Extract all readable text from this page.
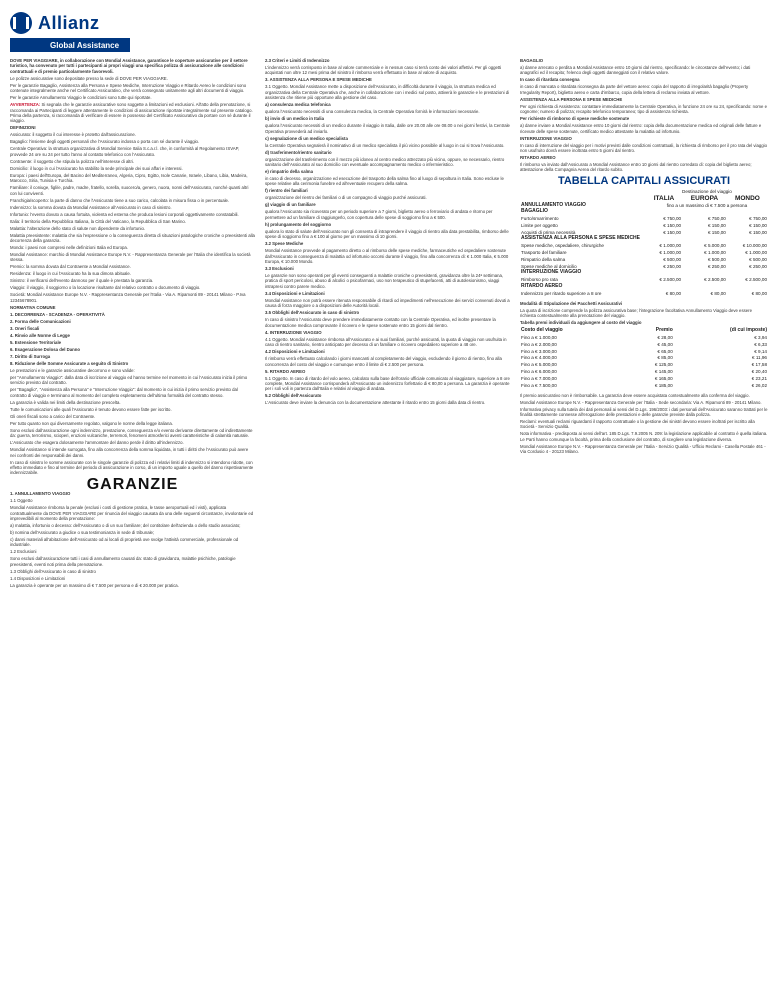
Allianz
Global Assistance

DOVE PER VIAGGIARE, in collaborazione con Mondial Assistance, garantisce le coperture assicurative per il settore turistico, ha convenuto per tutti i partecipanti ai propri viaggi una specifica polizza di assicurazione alle condizioni contrattuali e di premio particolarmente favorevoli.

Le polizze assicurative sono depositate presso la sede di DOVE PER VIAGGIARE.

Per le garanzie Bagaglio, Assistenza alla Persona e Spese Mediche, Interruzione Viaggio e Ritardo Aereo le condizioni sono contenute integralmente anche nel Certificato Assicurativo, che verrà consegnato unitamente agli altri documenti di viaggio.

Per le garanzie Annullamento Viaggio le condizioni sono tutte qui riportate.

AVVERTENZA: Si segnala che le garanzie assicurative sono soggette a limitazioni ed esclusioni. All'atto della prenotazione, si raccomanda ai Partecipanti di leggere attentamente le condizioni di assicurazione riportate integralmente sul presente catalogo. Prima della partenza, si raccomanda di verificare di essere in possesso del Certificato Assicurativo da portare con sé durante il viaggio.

DEFINIZIONI

Assicurato: il soggetto il cui interesse è protetto dall'assicurazione.

Bagaglio: l'insieme degli oggetti personali che l'Assicurato indossa o porta con sé durante il viaggio.

Centrale Operativa: la struttura organizzativa di Mondial Service Italia S.c.a.r.l. che, in conformità al Regolamento ISVAP, provvede 24 ore su 24 per tutto l'anno al contatto telefonico con l'Assicurato.

Contraente: il soggetto che stipula la polizza nell'interesse di altri.

Domicilio: il luogo in cui l'Assicurato ha stabilito la sede principale dei suoi affari e interessi.

Europa: i paesi dell'Europa, del Bacino del Mediterraneo, Algeria, Cipro, Egitto, Isole Canarie, Israele, Libano, Libia, Madeira, Marocco, Siria, Tunisia e Turchia.

Familiare: il coniuge, figli/e, padre, madre, fratello, sorella, suocero/a, genero, nuora, nonni dell'Assicurato, nonché quanti altri con lui conviventi.

Franchigia/scoperto: la parte di danno che l'Assicurato tiene a suo carico, calcolata in misura fissa o in percentuale.

Indennizzo: la somma dovuta da Mondial Assistance all'Assicurato in caso di sinistro.

Infortunio: l'evento dovuto a causa fortuita, violenta ed esterna che produca lesioni corporali oggettivamente constatabili.

Italia: il territorio della Repubblica Italiana, la Città del Vaticano, la Repubblica di San Marino.

Malattia: l'alterazione dello stato di salute non dipendente da infortunio.

Malattia preesistente: malattia che sia l'espressione o la conseguenza diretta di situazioni patologiche croniche o preesistenti alla decorrenza della garanzia.

Mondo: i paesi non compresi nelle definizioni Italia ed Europa.

Mondial Assistance: marchio di Mondial Assistance Europe N.V. - Rappresentanza Generale per l'Italia che identifica la società stessa.

Premio: la somma dovuta dal Contraente a Mondial Assistance.

Residenza: il luogo in cui l'Assicurato ha la sua dimora abituale.

Sinistro: il verificarsi dell'evento dannoso per il quale è prestata la garanzia.

Viaggio: il viaggio, il soggiorno o la locazione risultante dal relativo contratto o documento di viaggio.

Società: Mondial Assistance Europe N.V. - Rappresentanza Generale per l'Italia - Via A. Ripamonti 89 - 20141 Milano - P.Iva 12345678901.

NORMATIVA COMUNE

1. DECORRENZA - SCADENZA - OPERATIVITÀ

2. Forma delle Comunicazioni

3. Oneri fiscali

4. Rinvio alle Norme di Legge

5. Estensione Territoriale

6. Esagerazione Dolosa del Danno

7. Diritto di Surroga

8. Riduzione delle Somme Assicurate a seguito di Sinistro

Le prestazioni e le garanzie assicurative decorrono e sono valide:

per "Annullamento Viaggio": dalla data di iscrizione al viaggio ed hanno termine nel momento in cui l'Assicurato inizia il primo servizio previsto dal contratto.

per "Bagaglio", "Assistenza alla Persona" e "Interruzione Viaggio": dal momento in cui inizia il primo servizio previsto dal contratto di viaggio e terminano al momento del completo espletamento dell'ultima formalità del contratto stesso.

La garanzia è valida nei limiti della destinazione prescelta.

Tutte le comunicazioni alle quali l'Assicurato è tenuto devono essere fatte per iscritto.

Gli oneri fiscali sono a carico del Contraente.

Per tutto quanto non qui diversamente regolato, valgono le norme della legge italiana.

Sono esclusi dall'assicurazione ogni indennizzo, prestazione, conseguenza e/o evento derivante direttamente od indirettamente da: guerra, terrorismo, scioperi, eruzioni vulcaniche, terremoti, fenomeni atmosferici aventi caratteristiche di calamità naturale.

L'Assicurato che esagera dolosamente l'ammontare del danno perde il diritto all'indennizzo.

Mondial Assistance si intende surrogata, fino alla concorrenza della somma liquidata, in tutti i diritti che l'Assicurato può avere nei confronti dei responsabili dei danni.

In caso di sinistro le somme assicurate con le singole garanzie di polizza ed i relativi limiti di indennizzo si intendono ridotte, con effetto immediato e fino al termine del periodo di assicurazione in corso, di un importo uguale a quello del danno rispettivamente indennizzabile.

GARANZIE

1. ANNULLAMENTO VIAGGIO

1.1 Oggetto

Mondial Assistance rimborsa la penale (esclusi i costi di gestione pratica, le tasse aeroportuali ed i visti), applicata contrattualmente da DOVE PER VIAGGIARE per rinuncia del viaggio causata da una delle seguenti circostanze, involontarie ed imprevedibili al momento della prenotazione:

a) malattia, infortunio o decesso: dell'Assicurato o di un suo familiare; del contitolare dell'azienda o dello studio associato;

b) nomina dell'Assicurato a giudice o sua testimonianza in sede di tribunale;

c) danni materiali all'abitazione dell'Assicurato od ai locali di proprietà ove svolge l'attività commerciale, professionale od industriale.

1.2 Esclusioni

Sono esclusi dall'assicurazione tutti i casi di annullamento causati da: stato di gravidanza, malattie psichiche, patologie preesistenti, eventi noti prima della prenotazione.

1.3 Obblighi dell'Assicurato in caso di sinistro

1.4 Disposizioni e Limitazioni

La garanzia è operante per un massimo di € 7.500 per persona e di € 20.000 per pratica.

2.3 Criteri e Limiti di Indennizzo

L'indennizzo verrà corrisposto in base al valore commerciale e in nessun caso si terrà conto dei valori affettivi. Per gli oggetti acquistati non oltre 12 mesi prima del sinistro il rimborso verrà effettuato in base al valore di acquisto.

3. ASSISTENZA ALLA PERSONA E SPESE MEDICHE

3.1 Oggetto. Mondial Assistance mette a disposizione dell'Assicurato, in difficoltà durante il viaggio, la struttura medica ed organizzativa della Centrale Operativa che, anche in collaborazione con i medici sul posto, attiverà le garanzie e le prestazioni di assistenza che ritiene più opportune alla gestione del caso.

a) consulenza medica telefonica

qualora l'Assicurato necessiti di una consulenza medica, la Centrale Operativa fornirà le informazioni necessarie.

b) invio di un medico in Italia

qualora l'Assicurato necessiti di un medico durante il viaggio in Italia, dalle ore 20.00 alle ore 08.00 o nei giorni festivi, la Centrale Operativa provvederà ad inviarlo.

c) segnalazione di un medico specialista

la Centrale Operativa segnalerà il nominativo di un medico specialista il più vicino possibile al luogo in cui si trova l'Assicurato.

d) trasferimento/rientro sanitario

organizzazione del trasferimento con il mezzo più idoneo al centro medico attrezzato più vicino, oppure, se necessario, rientro sanitario dell'Assicurato al suo domicilio con eventuale accompagnamento medico o infermieristico.

e) rimpatrio della salma

in caso di decesso, organizzazione ed esecuzione del trasporto della salma fino al luogo di sepoltura in Italia. Sono escluse le spese relative alla cerimonia funebre ed all'eventuale recupero della salma.

f) rientro dei familiari

organizzazione del rientro dei familiari o di un compagno di viaggio purché assicurati.

g) viaggio di un familiare

qualora l'Assicurato sia ricoverato per un periodo superiore a 7 giorni, biglietto aereo o ferroviario di andata e ritorno per permettere ad un familiare di raggiungerlo, con copertura delle spese di soggiorno fino a € 500.

h) prolungamento del soggiorno

qualora lo stato di salute dell'Assicurato non gli consenta di intraprendere il viaggio di rientro alla data prestabilita, rimborso delle spese di soggiorno fino a € 100 al giorno per un massimo di 10 giorni.

3.2 Spese Mediche

Mondial Assistance provvede al pagamento diretto o al rimborso delle spese mediche, farmaceutiche ed ospedaliere sostenute dall'Assicurato in conseguenza di malattia od infortunio occorsi durante il viaggio, fino alla concorrenza di: € 1.000 Italia, € 5.000 Europa, € 10.000 Mondo.

3.3 Esclusioni

Le garanzie non sono operanti per gli eventi conseguenti a malattie croniche o preesistenti, gravidanza oltre la 24ª settimana, pratica di sport pericolosi, abuso di alcolici o psicofarmaci, uso non terapeutico di stupefacenti, atti di autolesionismo, viaggi intrapresi contro parere medico.

3.4 Disposizioni e Limitazioni

Mondial Assistance non potrà essere ritenuta responsabile di ritardi od impedimenti nell'esecuzione dei servizi convenuti dovuti a causa di forza maggiore o a disposizioni delle Autorità locali.

3.5 Obblighi dell'Assicurato in caso di sinistro

In caso di sinistro l'Assicurato deve prendere immediatamente contatto con la Centrale Operativa, ed inoltre presentare la documentazione medica comprovante il ricovero e le spese sostenute entro 15 giorni dal rientro.

4. INTERRUZIONE VIAGGIO

4.1 Oggetto. Mondial Assistance rimborsa all'Assicurato e ai suoi familiari, purché assicurati, la quota di viaggio non usufruita in caso di rientro sanitario, rientro anticipato per decesso di un familiare o ricovero ospedaliero superiore a 48 ore.

4.2 Disposizioni e Limitazioni

Il rimborso verrà effettuato calcolando i giorni mancanti al completamento del viaggio, escludendo il giorno di rientro, fino alla concorrenza del costo del viaggio e comunque entro il limite di € 2.500 per persona.

5. RITARDO AEREO

5.1 Oggetto. In caso di ritardo del volo aereo, calcolato sulla base dell'orario ufficiale comunicato al viaggiatore, superiore a 8 ore complete, Mondial Assistance corrisponderà all'Assicurato un indennizzo forfettario di € 80,00 a persona. La garanzia è operante per i soli voli in partenza dall'Italia e relativi al viaggio di andata.

5.2 Obblighi dell'Assicurato

L'Assicurato deve inviare la denuncia con la documentazione attestante il ritardo entro 15 giorni dalla data di rientro.

BAGAGLIO

a) danne arrecato o perdita a Mondial Assistance entro 10 giorni dal rientro, specificando: le circostanze dell'evento; i dati anagrafici ed il recapito; l'elenco degli oggetti danneggiati con il relativo valore.

In caso di ritardata consegna

in caso di mancata o ritardata riconsegna da parte del vettore aereo: copia del rapporto di irregolarità bagaglio (Property Irregularity Report), biglietto aereo e carta d'imbarco, copia della lettera di reclamo inviata al vettore.

ASSISTENZA ALLA PERSONA E SPESE MEDICHE

Per ogni richiesta di Assistenza: contattare immediatamente la Centrale Operativa, in funzione 24 ore su 24, specificando: nome e cognome; numero di polizza; recapito telefonico temporaneo; tipo di assistenza richiesta.

Per richieste di rimborso di spese mediche sostenute

a) danne inviare a Mondial Assistance entro 10 giorni dal rientro: copia della documentazione medica ed originali delle fatture e ricevute delle spese sostenute, certificato medico attestante la malattia od infortunio.

INTERRUZIONE VIAGGIO

In caso di interruzione del viaggio per i motivi previsti dalle condizioni contrattuali, la richiesta di rimborso per il pro rata del viaggio non usufruito dovrà essere inoltrata entro 5 giorni dal rientro.

RITARDO AEREO

Il rimborso va inviato dall'Assicurato a Mondial Assistance entro 10 giorni dal rientro corredato di: copia del biglietto aereo; attestazione della Compagnia Aerea del ritardo subito.

TABELLA CAPITALI ASSICURATI
	Destinazione del viaggio		
	ITALIA	EUROPA	MONDO
ANNULLAMENTO VIAGGIO	fino a un massimo di € 7.500 a persona		
BAGAGLIO			
Furto/smarrimento	€ 750,00	€ 750,00	€ 750,00
Limite per oggetto	€ 150,00	€ 150,00	€ 150,00
Acquisti di prima necessità	€ 150,00	€ 150,00	€ 150,00
ASSISTENZA ALLA PERSONA E SPESE MEDICHE			
Spese mediche, ospedaliere, chirurgiche	€ 1.000,00	€ 5.000,00	€ 10.000,00
Trasporto del familiare	€ 1.000,00	€ 1.000,00	€ 1.000,00
Rimpatrio della salma	€ 500,00	€ 500,00	€ 500,00
Spese mediche al domicilio	€ 250,00	€ 250,00	€ 250,00
INTERRUZIONE VIAGGIO			
Rimborso pro rata	€ 2.500,00	€ 2.500,00	€ 2.500,00
RITARDO AEREO			
Indennizzo per ritardo superiore a 8 ore	€ 80,00	€ 80,00	€ 80,00

Modalità di Stipulazione dei Pacchetti Assicurativi

La quota di iscrizione comprende la polizza assicurativa base; l'integrazione facoltativa Annullamento Viaggio deve essere richiesta contestualmente alla prenotazione del viaggio.

Tabella premi individuali da aggiungere al costo del viaggio

Costo del viaggio	Premio	(di cui imposte)
Fino a € 1.000,00	€ 28,00	€ 3,94
Fino a € 2.000,00	€ 45,00	€ 6,33
Fino a € 3.000,00	€ 65,00	€ 9,14
Fino a € 4.000,00	€ 85,00	€ 11,96
Fino a € 5.000,00	€ 125,00	€ 17,58
Fino a € 6.000,00	€ 145,00	€ 20,40
Fino a € 7.000,00	€ 165,00	€ 23,21
Fino a € 7.500,00	€ 185,00	€ 26,02

Il premio assicurativo non è rimborsabile. La garanzia deve essere acquistata contestualmente alla conferma del viaggio.

Mondial Assistance Europe N.V. - Rappresentanza Generale per l'Italia - Sede secondaria: Via A. Ripamonti 89 - 20141 Milano.

Informativa privacy sulla tutela dei dati personali ai sensi del D.Lgs. 196/2003: i dati personali dell'Assicurato saranno trattati per le finalità strettamente connesse all'erogazione delle prestazioni e delle garanzie previste dalla polizza.

Reclami: eventuali reclami riguardanti il rapporto contrattuale o la gestione dei sinistri devono essere inoltrati per iscritto alla Società - Servizio Qualità.

Nota informativa - predisposta ai sensi dell'art. 185 D.Lgs. 7.9.2005 N. 209: la legislazione applicabile al contratto è quella italiana. Le Parti hanno comunque la facoltà, prima della conclusione del contratto, di scegliere una legislazione diversa.

Mondial Assistance Europe N.V. - Rappresentanza Generale per l'Italia - Servizio Qualità - Ufficio Reclami - Casella Postale 461 - Via Cordusio 4 - 20123 Milano.
